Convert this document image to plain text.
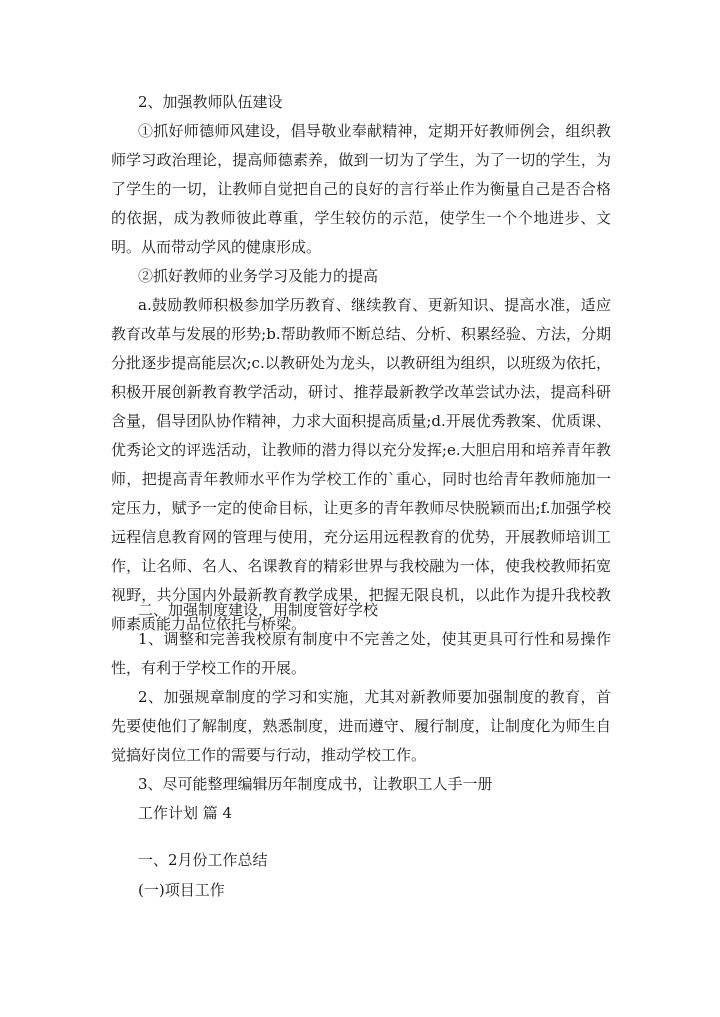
2、加强教师队伍建设

①抓好师德师风建设，倡导敬业奉献精神，定期开好教师例会，组织教师学习政治理论，提高师德素养，做到一切为了学生，为了一切的学生，为了学生的一切，让教师自觉把自己的良好的言行举止作为衡量自己是否合格的依据，成为教师彼此尊重，学生较仿的示范，使学生一个个地进步、文明。从而带动学风的健康形成。

②抓好教师的业务学习及能力的提高

a.鼓励教师积极参加学历教育、继续教育、更新知识、提高水准，适应教育改革与发展的形势;b.帮助教师不断总结、分析、积累经验、方法，分期分批逐步提高能层次;c.以教研处为龙头，以教研组为组织，以班级为依托，积极开展创新教育教学活动，研讨、推荐最新教学改革尝试办法，提高科研含量，倡导团队协作精神，力求大面积提高质量;d.开展优秀教案、优质课、优秀论文的评选活动，让教师的潜力得以充分发挥;e.大胆启用和培养青年教师，把提高青年教师水平作为学校工作的`重心，同时也给青年教师施加一定压力，赋予一定的使命目标，让更多的青年教师尽快脱颖而出;f.加强学校远程信息教育网的管理与使用，充分运用远程教育的优势，开展教师培训工作，让名师、名人、名课教育的精彩世界与我校融为一体，使我校教师拓宽视野，共分国内外最新教育教学成果，把握无限良机，以此作为提升我校教师素质能力品位依托与桥梁。

二、加强制度建设，用制度管好学校

1、调整和完善我校原有制度中不完善之处，使其更具可行性和易操作性，有利于学校工作的开展。

2、加强规章制度的学习和实施，尤其对新教师要加强制度的教育，首先要使他们了解制度，熟悉制度，进而遵守、履行制度，让制度化为师生自觉搞好岗位工作的需要与行动，推动学校工作。

3、尽可能整理编辑历年制度成书，让教职工人手一册

工作计划 篇 4

一、2月份工作总结

(一)项目工作
